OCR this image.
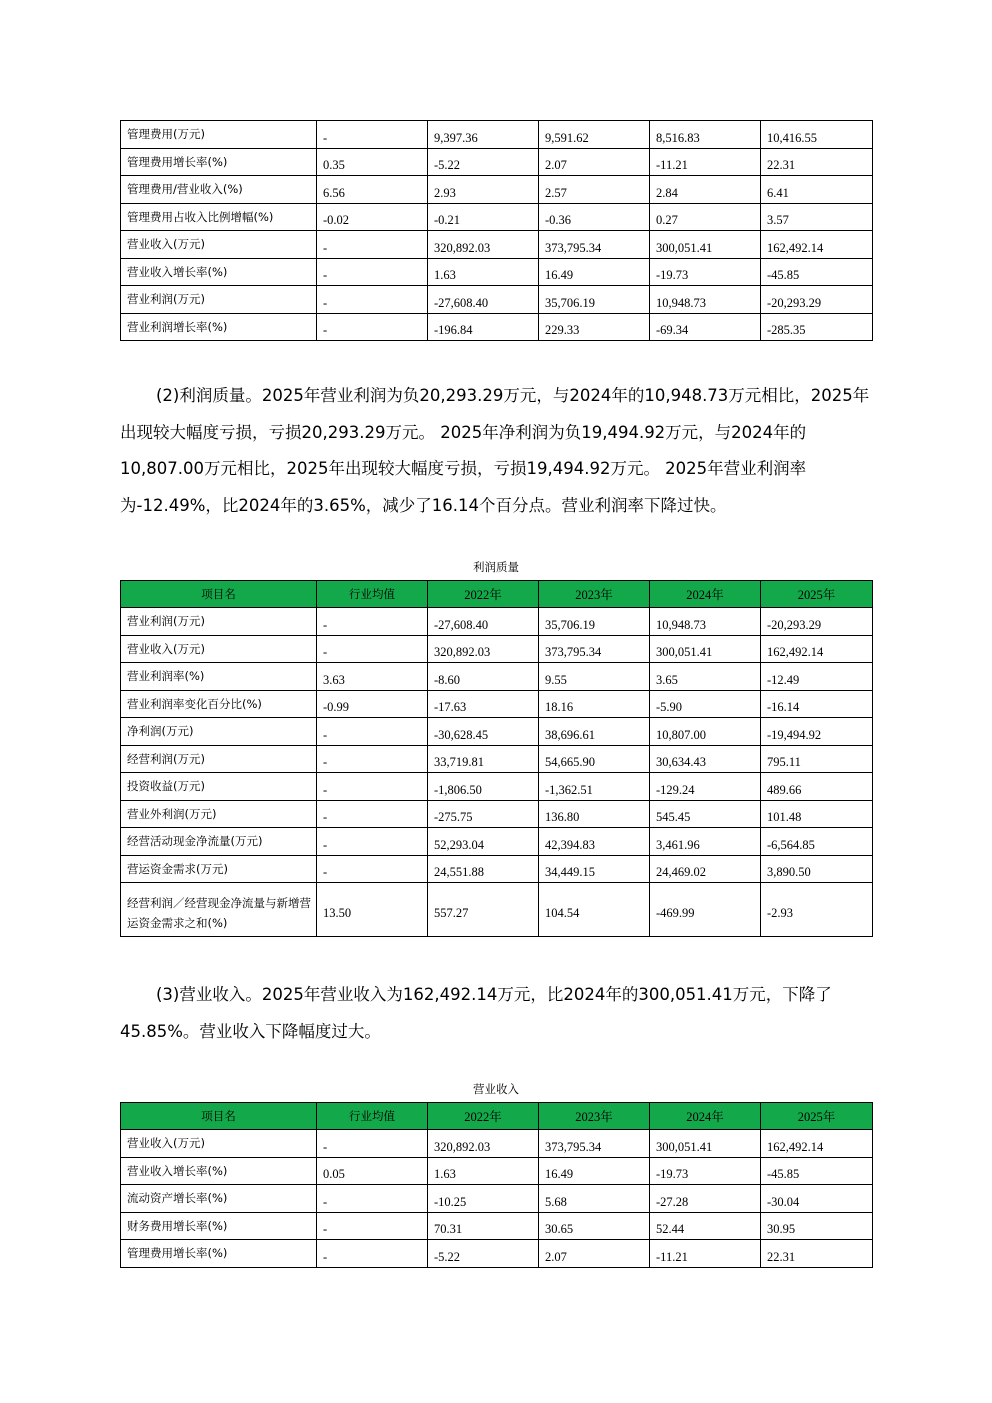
管理费用(万元)	-	9,397.36	9,591.62	8,516.83	10,416.55
管理费用增长率(%)	0.35	-5.22	2.07	-11.21	22.31
管理费用/营业收入(%)	6.56	2.93	2.57	2.84	6.41
管理费用占收入比例增幅(%)	-0.02	-0.21	-0.36	0.27	3.57
营业收入(万元)	-	320,892.03	373,795.34	300,051.41	162,492.14
营业收入增长率(%)	-	1.63	16.49	-19.73	-45.85
营业利润(万元)	-	-27,608.40	35,706.19	10,948.73	-20,293.29
营业利润增长率(%)	-	-196.84	229.33	-69.34	-285.35
(2)利润质量。2025年营业利润为负20,293.29万元，与2024年的10,948.73万元相比，2025年出现较大幅度亏损，亏损20,293.29万元。 2025年净利润为负19,494.92万元，与2024年的10,807.00万元相比，2025年出现较大幅度亏损，亏损19,494.92万元。 2025年营业利润率为-12.49%，比2024年的3.65%，减少了16.14个百分点。营业利润率下降过快。
利润质量
项目名	行业均值	2022年	2023年	2024年	2025年
营业利润(万元)	-	-27,608.40	35,706.19	10,948.73	-20,293.29
营业收入(万元)	-	320,892.03	373,795.34	300,051.41	162,492.14
营业利润率(%)	3.63	-8.60	9.55	3.65	-12.49
营业利润率变化百分比(%)	-0.99	-17.63	18.16	-5.90	-16.14
净利润(万元)	-	-30,628.45	38,696.61	10,807.00	-19,494.92
经营利润(万元)	-	33,719.81	54,665.90	30,634.43	795.11
投资收益(万元)	-	-1,806.50	-1,362.51	-129.24	489.66
营业外利润(万元)	-	-275.75	136.80	545.45	101.48
经营活动现金净流量(万元)	-	52,293.04	42,394.83	3,461.96	-6,564.85
营运资金需求(万元)	-	24,551.88	34,449.15	24,469.02	3,890.50
经营利润／经营现金净流量与新增营运资金需求之和(%)	13.50	557.27	104.54	-469.99	-2.93
(3)营业收入。2025年营业收入为162,492.14万元，比2024年的300,051.41万元，下降了45.85%。营业收入下降幅度过大。
营业收入
项目名	行业均值	2022年	2023年	2024年	2025年
营业收入(万元)	-	320,892.03	373,795.34	300,051.41	162,492.14
营业收入增长率(%)	0.05	1.63	16.49	-19.73	-45.85
流动资产增长率(%)	-	-10.25	5.68	-27.28	-30.04
财务费用增长率(%)	-	70.31	30.65	52.44	30.95
管理费用增长率(%)	-	-5.22	2.07	-11.21	22.31
